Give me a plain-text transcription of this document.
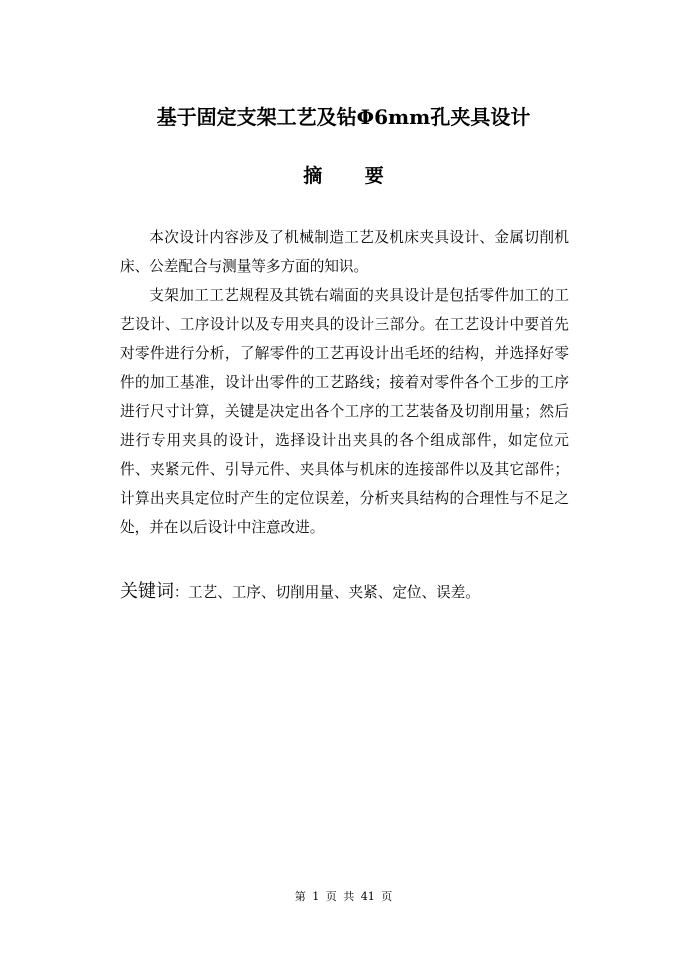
基于固定支架工艺及钻Φ6mm孔夹具设计
摘 要

本次设计内容涉及了机械制造工艺及机床夹具设计、金属切削机床、公差配合与测量等多方面的知识。

支架加工工艺规程及其铣右端面的夹具设计是包括零件加工的工艺设计、工序设计以及专用夹具的设计三部分。在工艺设计中要首先对零件进行分析，了解零件的工艺再设计出毛坯的结构，并选择好零件的加工基准，设计出零件的工艺路线；接着对零件各个工步的工序进行尺寸计算，关键是决定出各个工序的工艺装备及切削用量；然后进行专用夹具的设计，选择设计出夹具的各个组成部件，如定位元件、夹紧元件、引导元件、夹具体与机床的连接部件以及其它部件；计算出夹具定位时产生的定位误差，分析夹具结构的合理性与不足之处，并在以后设计中注意改进。

关键词：工艺、工序、切削用量、夹紧、定位、误差。
第 1 页 共 41 页
